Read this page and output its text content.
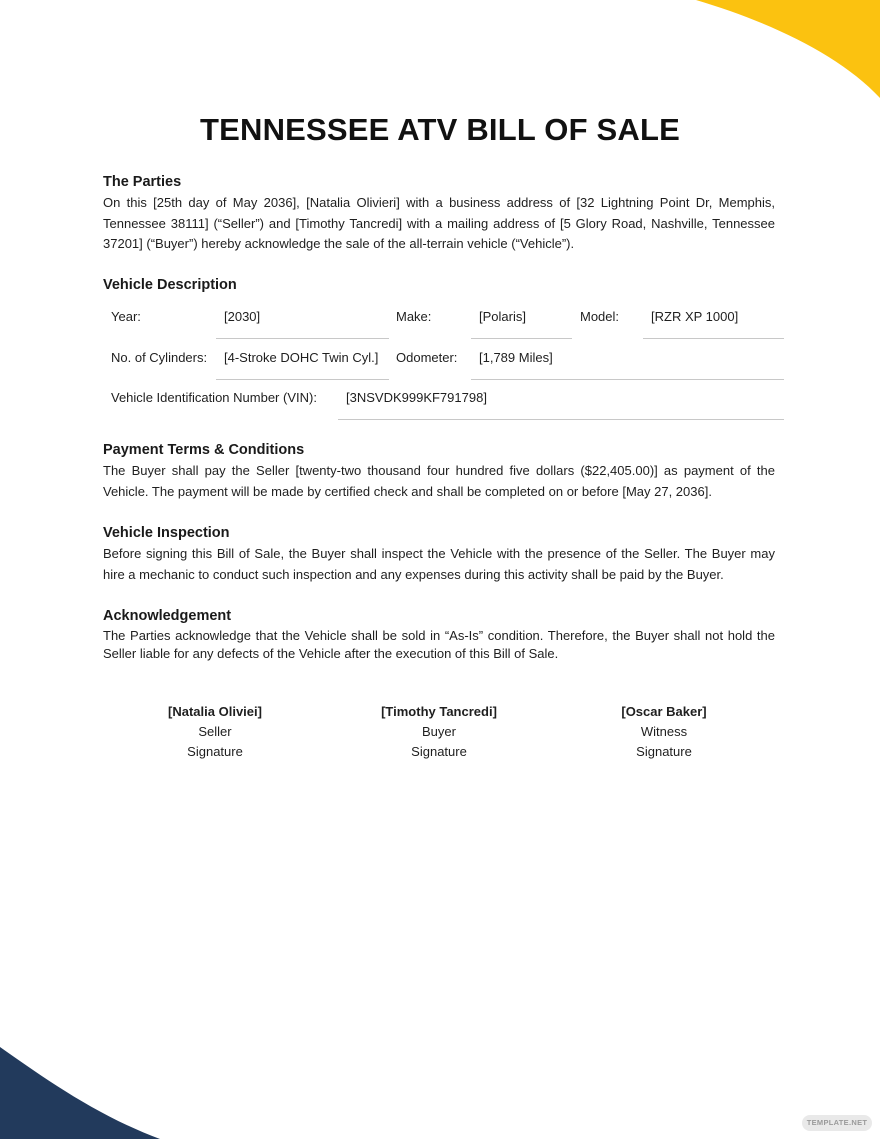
TENNESSEE ATV BILL OF SALE
The Parties

On this [25th day of May 2036], [Natalia Olivieri] with a business address of [32 Lightning Point Dr, Memphis, Tennessee 38111] (“Seller”) and [Timothy Tancredi] with a mailing address of [5 Glory Road, Nashville, Tennessee 37201] (“Buyer”) hereby acknowledge the sale of the all-terrain vehicle (“Vehicle”).

Vehicle Description
Year:	[2030]	Make:	[Polaris]	Model: [RZR XP 1000]
No. of Cylinders: [4-Stroke DOHC Twin Cyl.] Odometer: [1,789 Miles]
Vehicle Identification Number (VIN): [3NSVDK999KF791798]
Payment Terms & Conditions

The Buyer shall pay the Seller [twenty-two thousand four hundred five dollars ($22,405.00)] as payment of the Vehicle. The payment will be made by certified check and shall be completed on or before [May 27, 2036].

Vehicle Inspection

Before signing this Bill of Sale, the Buyer shall inspect the Vehicle with the presence of the Seller. The Buyer may hire a mechanic to conduct such inspection and any expenses during this activity shall be paid by the Buyer.

Acknowledgement

The Parties acknowledge that the Vehicle shall be sold in “As-Is” condition. Therefore, the Buyer shall not hold the Seller liable for any defects of the Vehicle after the execution of this Bill of Sale.

[Natalia Oliviei]
Seller
Signature
[Timothy Tancredi]
Buyer
Signature
[Oscar Baker]
Witness
Signature
TEMPLATE.NET
